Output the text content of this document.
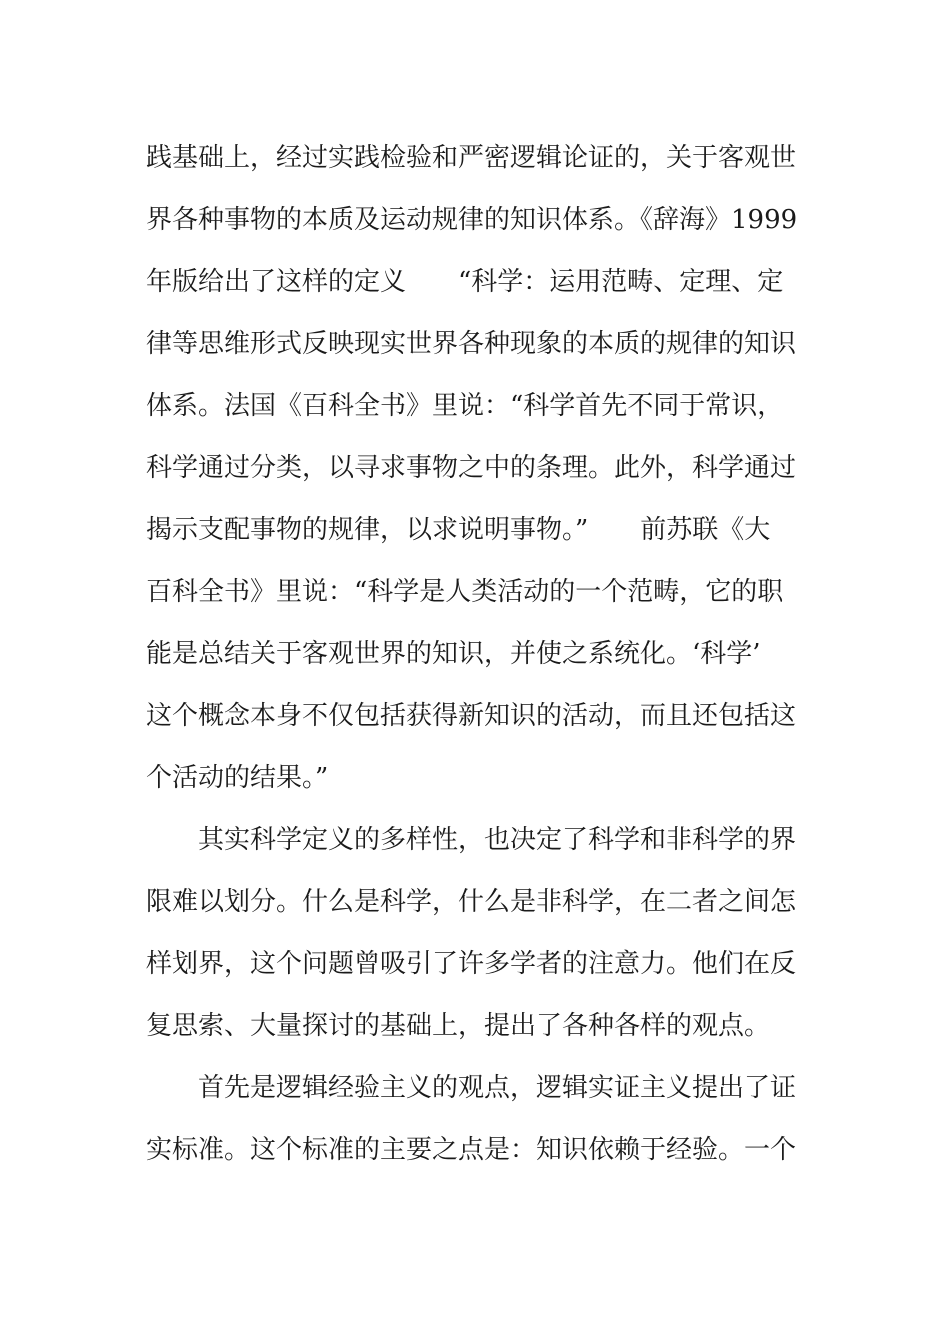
践基础上，经过实践检验和严密逻辑论证的，关于客观世
界各种事物的本质及运动规律的知识体系。《辞海》1999
年版给出了这样的定义　　“科学：运用范畴、定理、定
律等思维形式反映现实世界各种现象的本质的规律的知识
体系。法国《百科全书》里说：“科学首先不同于常识，
科学通过分类，以寻求事物之中的条理。此外，科学通过
揭示支配事物的规律，以求说明事物。”　　前苏联《大
百科全书》里说：“科学是人类活动的一个范畴，它的职
能是总结关于客观世界的知识，并使之系统化。‘科学’
这个概念本身不仅包括获得新知识的活动，而且还包括这
个活动的结果。”
其实科学定义的多样性，也决定了科学和非科学的界
限难以划分。什么是科学，什么是非科学，在二者之间怎
样划界，这个问题曾吸引了许多学者的注意力。他们在反
复思索、大量探讨的基础上，提出了各种各样的观点。
首先是逻辑经验主义的观点，逻辑实证主义提出了证
实标准。这个标准的主要之点是：知识依赖于经验。一个
